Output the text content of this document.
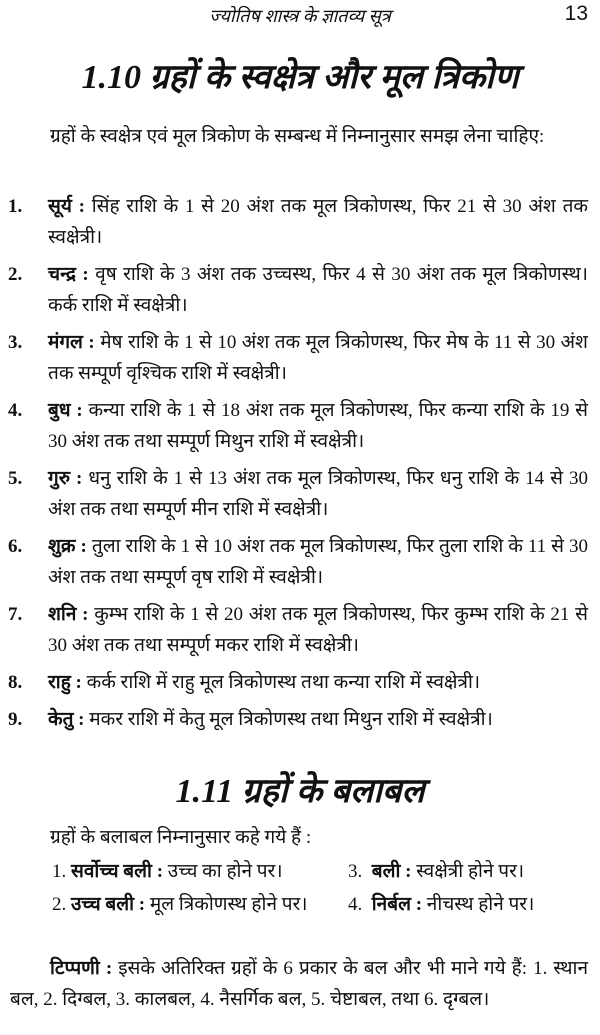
ज्योतिष शास्त्र के ज्ञातव्य सूत्र	13
1.10 ग्रहों के स्वक्षेत्र और मूल त्रिकोण
ग्रहों के स्वक्षेत्र एवं मूल त्रिकोण के सम्बन्ध में निम्नानुसार समझ लेना चाहिए:
1. सूर्य : सिंह राशि के 1 से 20 अंश तक मूल त्रिकोणस्थ, फिर 21 से 30 अंश तक स्वक्षेत्री।
2. चन्द्र : वृष राशि के 3 अंश तक उच्चस्थ, फिर 4 से 30 अंश तक मूल त्रिकोणस्थ। कर्क राशि में स्वक्षेत्री।
3. मंगल : मेष राशि के 1 से 10 अंश तक मूल त्रिकोणस्थ, फिर मेष के 11 से 30 अंश तक सम्पूर्ण वृश्चिक राशि में स्वक्षेत्री।
4. बुध : कन्या राशि के 1 से 18 अंश तक मूल त्रिकोणस्थ, फिर कन्या राशि के 19 से 30 अंश तक तथा सम्पूर्ण मिथुन राशि में स्वक्षेत्री।
5. गुरु : धनु राशि के 1 से 13 अंश तक मूल त्रिकोणस्थ, फिर धनु राशि के 14 से 30 अंश तक तथा सम्पूर्ण मीन राशि में स्वक्षेत्री।
6. शुक्र : तुला राशि के 1 से 10 अंश तक मूल त्रिकोणस्थ, फिर तुला राशि के 11 से 30 अंश तक तथा सम्पूर्ण वृष राशि में स्वक्षेत्री।
7. शनि : कुम्भ राशि के 1 से 20 अंश तक मूल त्रिकोणस्थ, फिर कुम्भ राशि के 21 से 30 अंश तक तथा सम्पूर्ण मकर राशि में स्वक्षेत्री।
8. राहु : कर्क राशि में राहु मूल त्रिकोणस्थ तथा कन्या राशि में स्वक्षेत्री।
9. केतु : मकर राशि में केतु मूल त्रिकोणस्थ तथा मिथुन राशि में स्वक्षेत्री।
1.11 ग्रहों के बलाबल
ग्रहों के बलाबल निम्नानुसार कहे गये हैं :
1. सर्वोच्च बली : उच्च का होने पर।	3. बली : स्वक्षेत्री होने पर।
2. उच्च बली : मूल त्रिकोणस्थ होने पर।	4. निर्बल : नीचस्थ होने पर।
टिप्पणी : इसके अतिरिक्त ग्रहों के 6 प्रकार के बल और भी माने गये हैं: 1. स्थान बल, 2. दिग्बल, 3. कालबल, 4. नैसर्गिक बल, 5. चेष्टाबल, तथा 6. दृग्बल।
